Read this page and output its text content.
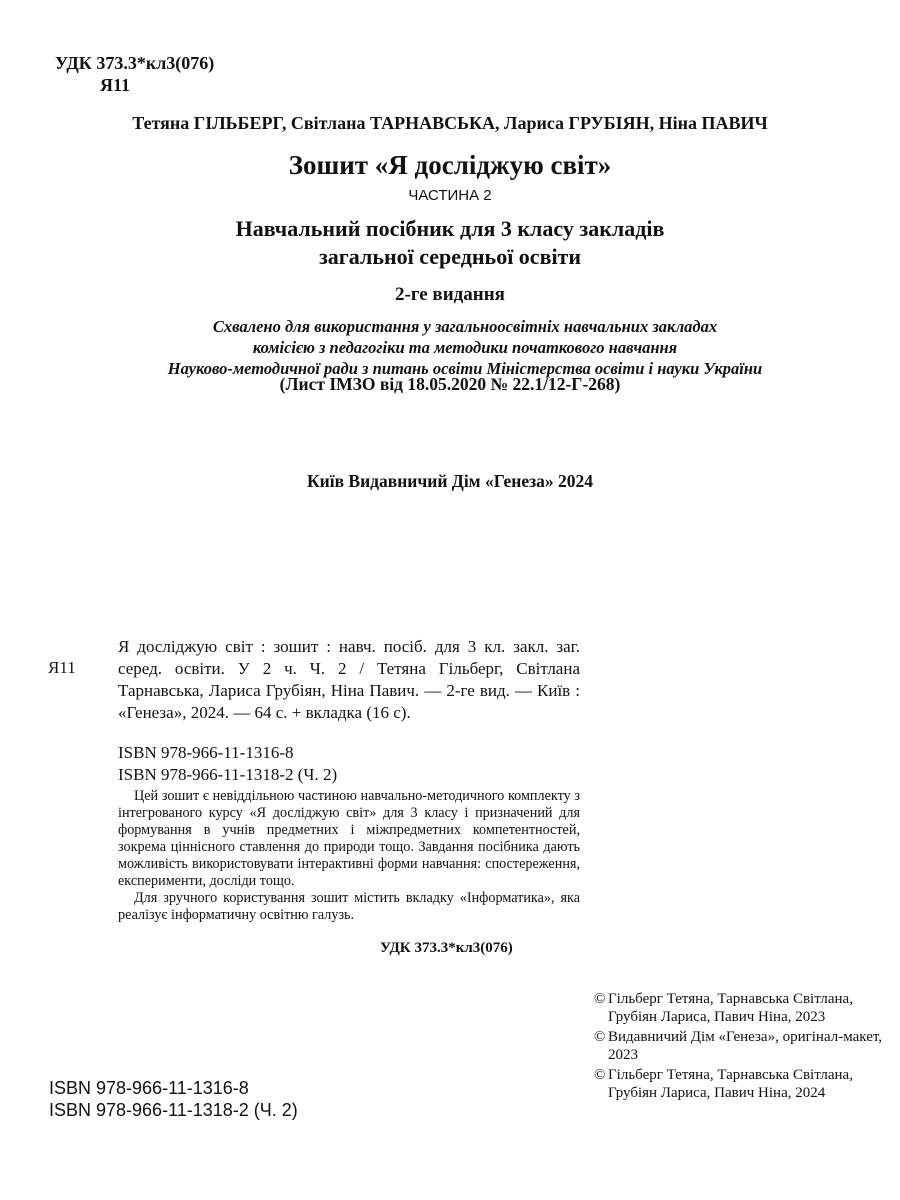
УДК 373.3*кл3(076)
Я11
Тетяна ГІЛЬБЕРГ, Світлана ТАРНАВСЬКА, Лариса ГРУБІЯН, Ніна ПАВИЧ
Зошит «Я досліджую світ»
ЧАСТИНА 2
Навчальний посібник для 3 класу закладів
загальної середньої освіти
2-ге видання
Схвалено для використання у загальноосвітніх навчальних закладах
комісією з педагогіки та методики початкового навчання
Науково-методичної ради з питань освіти Міністерства освіти і науки України
(Лист ІМЗО від 18.05.2020 № 22.1/12-Г-268)
Київ Видавничий Дім «Генеза» 2024
Я11
Я досліджую світ : зошит : навч. посіб. для 3 кл. закл. заг. серед. освіти. У 2 ч. Ч. 2 / Тетяна Гільберг, Світлана Тарнавська, Лариса Грубіян, Ніна Павич. — 2-ге вид. — Київ : «Генеза», 2024. — 64 с. + вкладка (16 с).
ISBN 978-966-11-1316-8
ISBN 978-966-11-1318-2 (Ч. 2)

Цей зошит є невіддільною частиною навчально-методичного комплекту з інтегрованого курсу «Я досліджую світ» для 3 класу і призначений для формування в учнів предметних і міжпредметних компетентностей, зокрема ціннісного ставлення до природи тощо. Завдання посібника дають можливість використовувати інтерактивні форми навчання: спостереження, експерименти, досліди тощо.

Для зручного користування зошит містить вкладку «Інформатика», яка реалізує інформатичну освітню галузь.

УДК 373.3*кл3(076)
ISBN 978-966-11-1316-8
ISBN 978-966-11-1318-2 (Ч. 2)
© Гільберг Тетяна, Тарнавська Світлана, Грубіян Лариса, Павич Ніна, 2023
© Видавничий Дім «Генеза», оригінал-макет, 2023
© Гільберг Тетяна, Тарнавська Світлана, Грубіян Лариса, Павич Ніна, 2024
